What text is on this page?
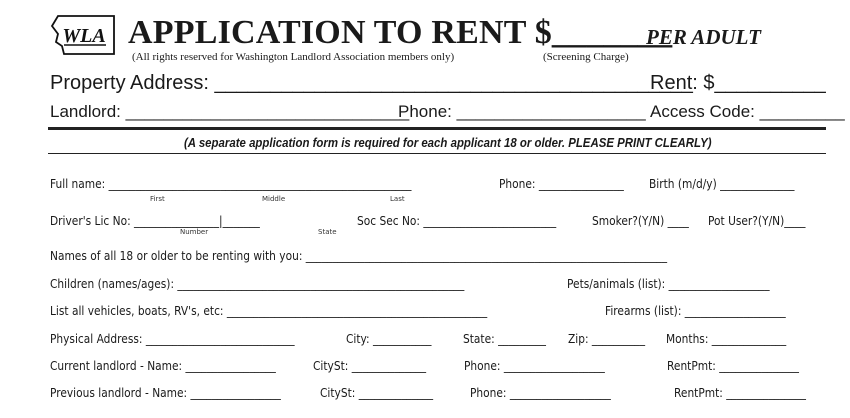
WLA APPLICATION TO RENT $_______
PER ADULT
(All rights reserved for Washington Landlord Association members only)	(Screening Charge)
Property Address: ___________________________________________
Rent: $__________
Landlord: ______________________________
Phone: ____________________ Access Code: _________
(A separate application form is required for each applicant 18 or older. PLEASE PRINT CLEARLY)
Full name: _________________________________________________________	Phone: ________________ Birth (m/d/y) ______________
First	Middle	Last
Driver's Lic No: ________________|_______
Number	State
Soc Sec No: _________________________	Smoker?(Y/N) ____ Pot User?(Y/N)____
Names of all 18 or older to be renting with you: ____________________________________________________________________
Children (names/ages): ______________________________________________________	Pets/animals (list): ___________________
List all vehicles, boats, RV's, etc: _________________________________________________	Firearms (list): ___________________
Physical Address: ____________________________	City: ___________	State: _________ Zip: __________ Months: ______________
Current landlord - Name: _________________	CitySt: ______________	Phone: ___________________	RentPmt: _______________
Previous landlord - Name: _________________	CitySt: ______________	Phone: ___________________	RentPmt: _______________
